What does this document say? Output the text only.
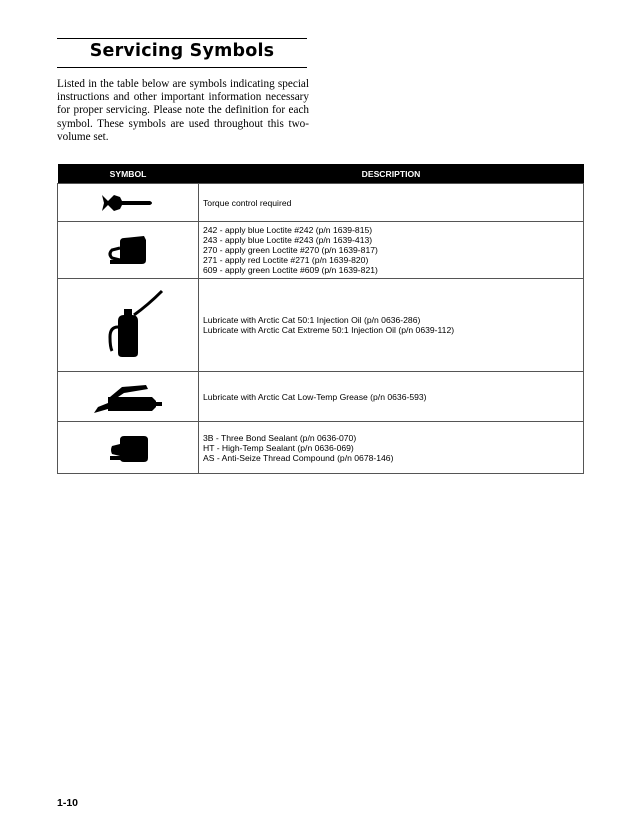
Servicing Symbols

Listed in the table below are symbols indicating special instructions and other important information necessary for proper servicing. Please note the definition for each symbol. These symbols are used throughout this two-volume set.

SYMBOL	DESCRIPTION

Torque control required

242 - apply blue Loctite #242 (p/n 1639-815)
243 - apply blue Loctite #243 (p/n 1639-413)
270 - apply green Loctite #270 (p/n 1639-817)
271 - apply red Loctite #271 (p/n 1639-820)
609 - apply green Loctite #609 (p/n 1639-821)

Lubricate with Arctic Cat 50:1 Injection Oil (p/n 0636-286)
Lubricate with Arctic Cat Extreme 50:1 Injection Oil (p/n 0639-112)

Lubricate with Arctic Cat Low-Temp Grease (p/n 0636-593)

3B - Three Bond Sealant (p/n 0636-070)
HT - High-Temp Sealant (p/n 0636-069)
AS - Anti-Seize Thread Compound (p/n 0678-146)
1-10
